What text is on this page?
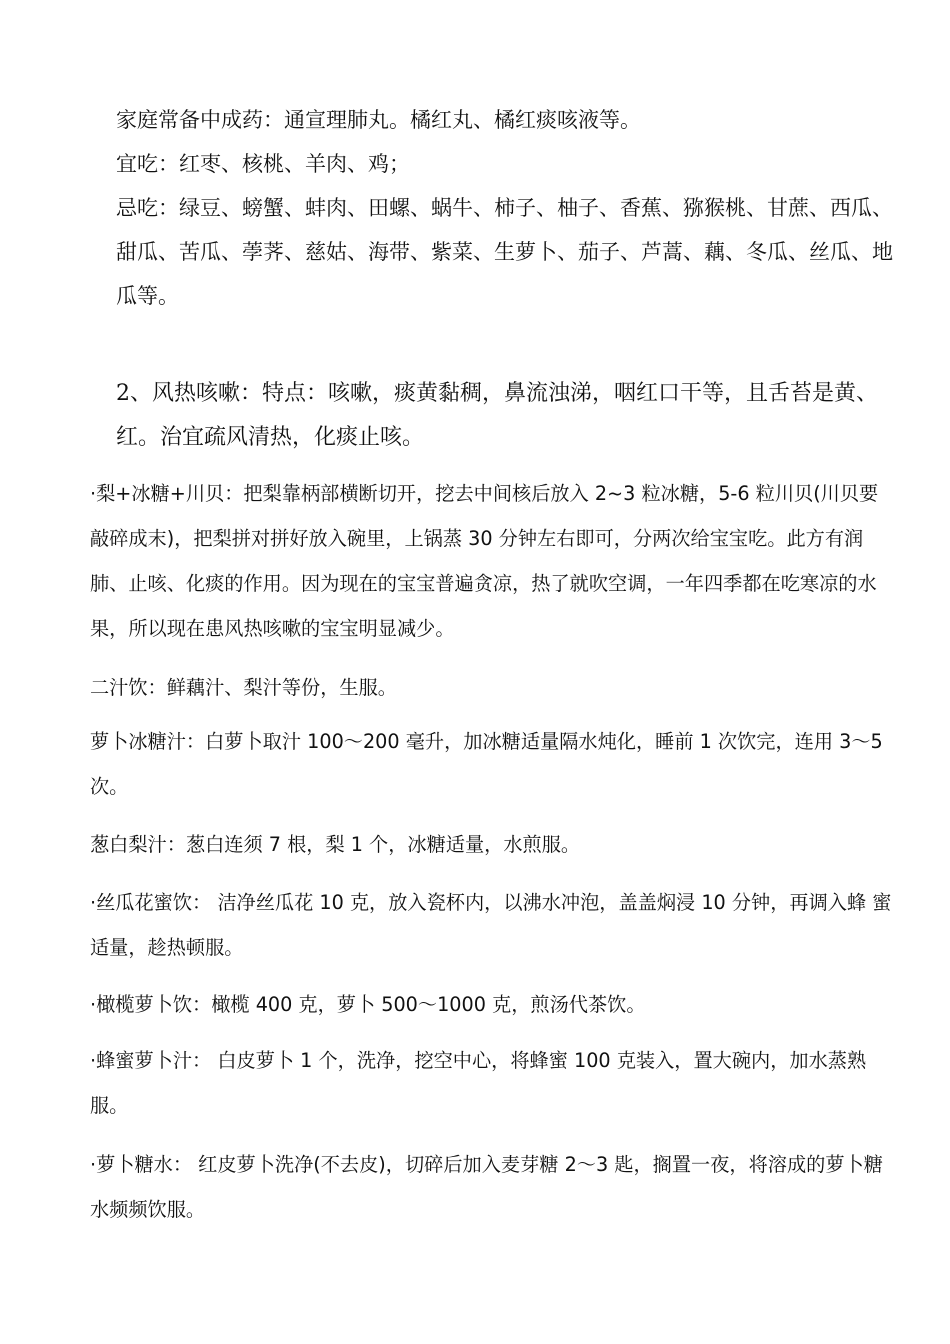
家庭常备中成药：通宣理肺丸。橘红丸、橘红痰咳液等。

宜吃：红枣、核桃、羊肉、鸡；

忌吃：绿豆、螃蟹、蚌肉、田螺、蜗牛、柿子、柚子、香蕉、猕猴桃、甘蔗、西瓜、甜瓜、苦瓜、荸荠、慈姑、海带、紫菜、生萝卜、茄子、芦蒿、藕、冬瓜、丝瓜、地瓜等。

2、风热咳嗽：特点：咳嗽，痰黄黏稠，鼻流浊涕，咽红口干等，且舌苔是黄、红。治宜疏风清热，化痰止咳。

·梨+冰糖+川贝：把梨靠柄部横断切开，挖去中间核后放入 2~3 粒冰糖，5-6 粒川贝(川贝要敲碎成末)，把梨拼对拼好放入碗里，上锅蒸 30 分钟左右即可，分两次给宝宝吃。此方有润肺、止咳、化痰的作用。因为现在的宝宝普遍贪凉，热了就吹空调，一年四季都在吃寒凉的水果，所以现在患风热咳嗽的宝宝明显减少。

二汁饮：鲜藕汁、梨汁等份，生服。

萝卜冰糖汁：白萝卜取汁 100～200 毫升，加冰糖适量隔水炖化，睡前 1 次饮完，连用 3～5 次。

葱白梨汁：葱白连须 7 根，梨 1 个，冰糖适量，水煎服。

·丝瓜花蜜饮： 洁净丝瓜花 10 克，放入瓷杯内，以沸水冲泡，盖盖焖浸 10 分钟，再调入蜂 蜜适量，趁热顿服。

·橄榄萝卜饮：橄榄 400 克，萝卜 500～1000 克，煎汤代茶饮。

·蜂蜜萝卜汁： 白皮萝卜 1 个，洗净，挖空中心，将蜂蜜 100 克装入，置大碗内，加水蒸熟 服。

·萝卜糖水： 红皮萝卜洗净(不去皮)，切碎后加入麦芽糖 2～3 匙，搁置一夜，将溶成的萝卜糖水频频饮服。
